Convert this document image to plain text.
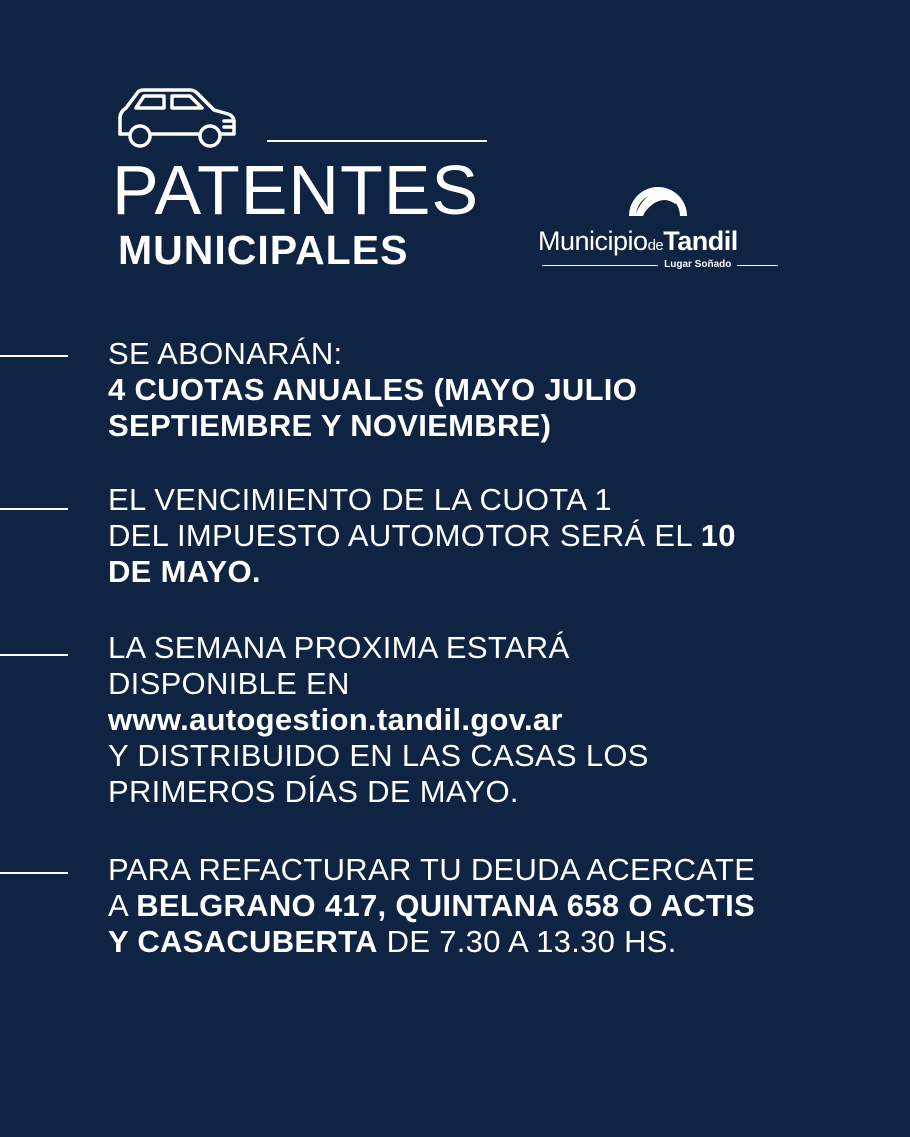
PATENTES
MUNICIPALES	MunicipiodeTandil
Lugar Soñado
SE ABONARÁN:
4 CUOTAS ANUALES (MAYO JULIO
SEPTIEMBRE Y NOVIEMBRE)
EL VENCIMIENTO DE LA CUOTA 1
DEL IMPUESTO AUTOMOTOR SERÁ EL 10
DE MAYO.
LA SEMANA PROXIMA ESTARÁ
DISPONIBLE EN
www.autogestion.tandil.gov.ar
Y DISTRIBUIDO EN LAS CASAS LOS
PRIMEROS DÍAS DE MAYO.
PARA REFACTURAR TU DEUDA ACERCATE
A BELGRANO 417, QUINTANA 658 O ACTIS
Y CASACUBERTA DE 7.30 A 13.30 HS.
